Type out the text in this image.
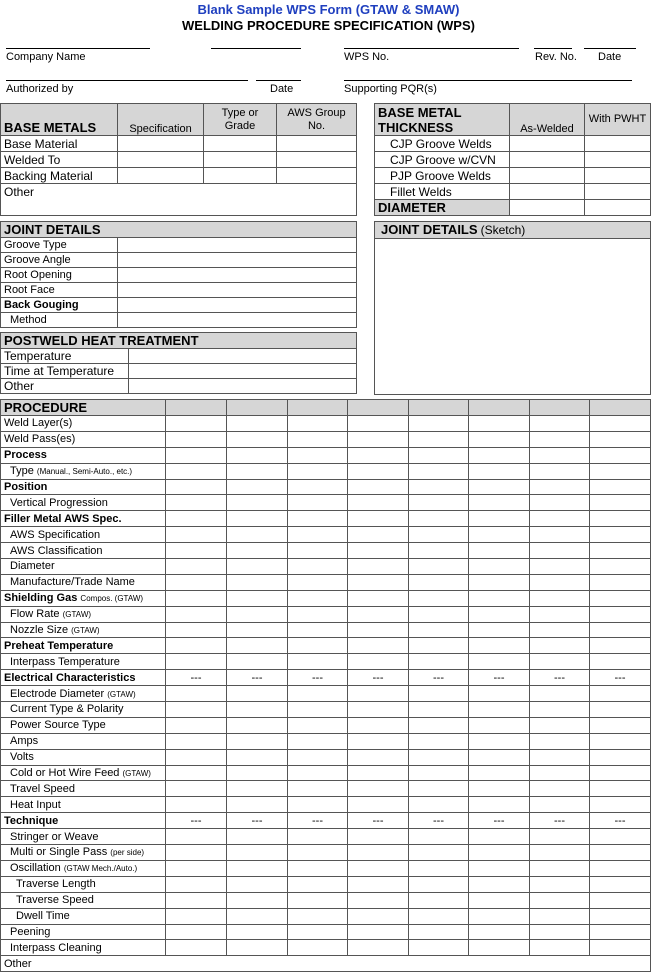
Blank Sample WPS Form (GTAW & SMAW)
WELDING PROCEDURE SPECIFICATION (WPS)
Company Name	WPS No.	Rev. No. Date
Authorized by	Date	Supporting PQR(s)
BASE METALS	Specification	Type or Grade	AWS Group No.
Base Material			
Welded To			
Backing Material			
Other			
BASE METAL THICKNESS	As-Welded	With PWHT
CJP Groove Welds		
CJP Groove w/CVN		
PJP Groove Welds		
Fillet Welds		
DIAMETER		
JOINT DETAILS	
Groove Type	
Groove Angle	
Root Opening	
Root Face	
Back Gouging	
Method	
JOINT DETAILS (Sketch)
POSTWELD HEAT TREATMENT	
Temperature	
Time at Temperature	
Other	
PROCEDURE								
Weld Layer(s)								
Weld Pass(es)								
Process								
Type (Manual., Semi-Auto., etc.)								
Position								
Vertical Progression								
Filler Metal AWS Spec.								
AWS Specification								
AWS Classification								
Diameter								
Manufacture/Trade Name								
Shielding Gas Compos. (GTAW)								
Flow Rate (GTAW)								
Nozzle Size (GTAW)								
Preheat Temperature								
Interpass Temperature								
Electrical Characteristics	---	---	---	---	---	---	---	---
Electrode Diameter (GTAW)								
Current Type & Polarity								
Power Source Type								
Amps								
Volts								
Cold or Hot Wire Feed (GTAW)								
Travel Speed								
Heat Input								
Technique	---	---	---	---	---	---	---	---
Stringer or Weave								
Multi or Single Pass (per side)								
Oscillation (GTAW Mech./Auto.)								
Traverse Length								
Traverse Speed								
Dwell Time								
Peening								
Interpass Cleaning								
Other								
